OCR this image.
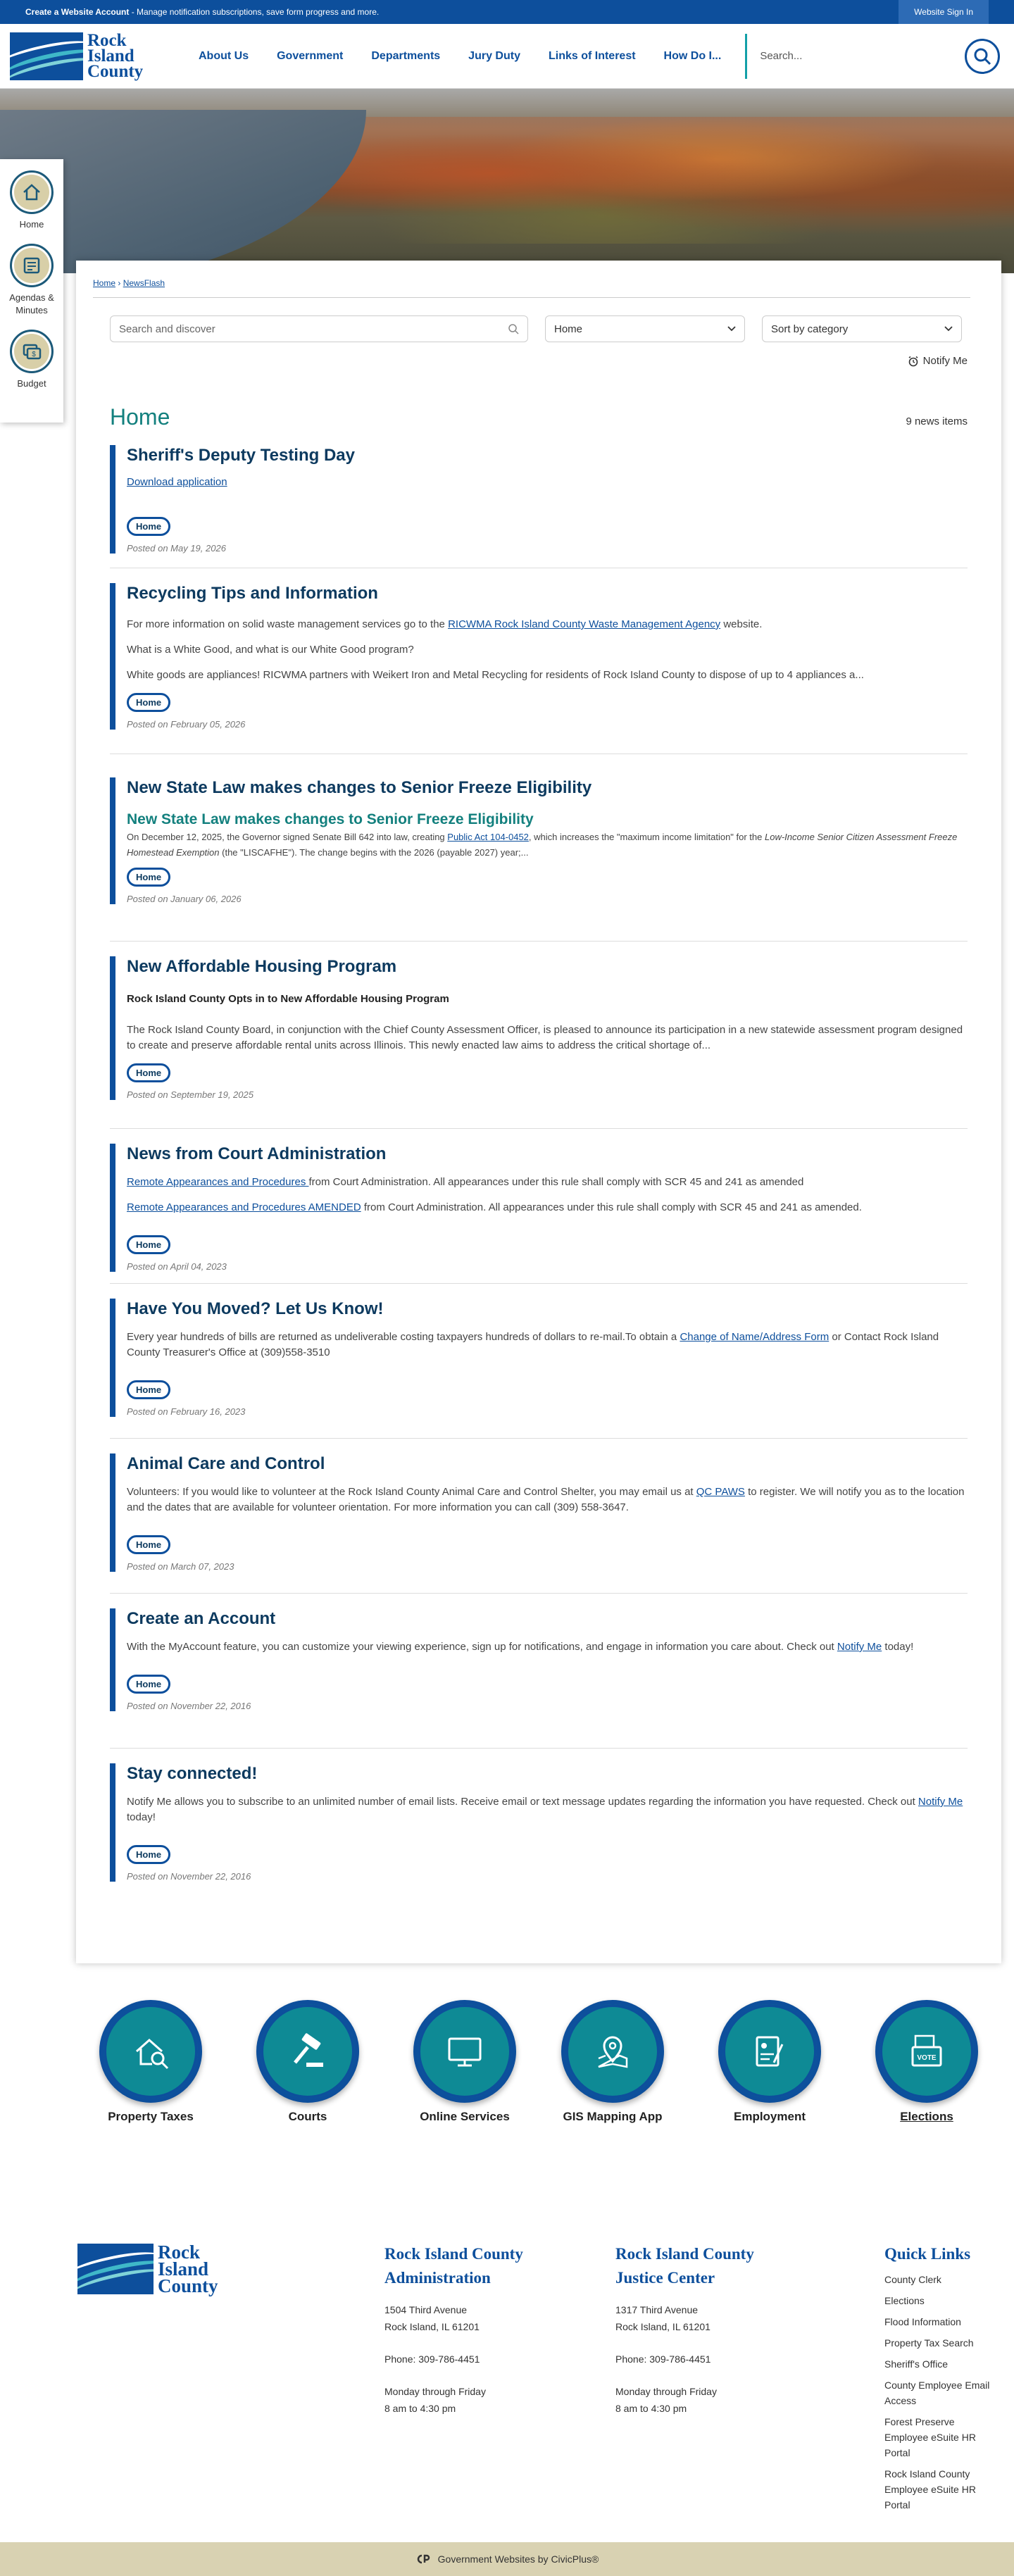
Create a Website Account - Manage notification subscriptions, save form progress and more.	Website Sign In
Rock
Island
County
About Us	Government	Departments	Jury Duty	Links of Interest	How Do I...	Search...
Home
Agendas & Minutes
$
Budget
Home › NewsFlash
Search and discover	Home	Sort by category
Notify Me
Home	9 news items
Sheriff's Deputy Testing Day

Download application

Home
Posted on May 19, 2026
Recycling Tips and Information

For more information on solid waste management services go to the RICWMA Rock Island County Waste Management Agency website.

What is a White Good, and what is our White Good program?

White goods are appliances! RICWMA partners with Weikert Iron and Metal Recycling for residents of Rock Island County to dispose of up to 4 appliances a...

Home
Posted on February 05, 2026
New State Law makes changes to Senior Freeze Eligibility
New State Law makes changes to Senior Freeze Eligibility

On December 12, 2025, the Governor signed Senate Bill 642 into law, creating Public Act 104-0452, which increases the "maximum income limitation" for the Low-Income Senior Citizen Assessment Freeze Homestead Exemption (the "LISCAFHE"). The change begins with the 2026 (payable 2027) year;...

Home
Posted on January 06, 2026
New Affordable Housing Program

Rock Island County Opts in to New Affordable Housing Program

The Rock Island County Board, in conjunction with the Chief County Assessment Officer, is pleased to announce its participation in a new statewide assessment program designed to create and preserve affordable rental units across Illinois. This newly enacted law aims to address the critical shortage of...

Home
Posted on September 19, 2025
News from Court Administration

Remote Appearances and Procedures from Court Administration. All appearances under this rule shall comply with SCR 45 and 241 as amended

Remote Appearances and Procedures AMENDED from Court Administration. All appearances under this rule shall comply with SCR 45 and 241 as amended.

Home
Posted on April 04, 2023
Have You Moved? Let Us Know!

Every year hundreds of bills are returned as undeliverable costing taxpayers hundreds of dollars to re-mail.To obtain a Change of Name/Address Form or Contact Rock Island County Treasurer's Office at (309)558-3510

Home
Posted on February 16, 2023
Animal Care and Control

Volunteers: If you would like to volunteer at the Rock Island County Animal Care and Control Shelter, you may email us at QC PAWS to register. We will notify you as to the location and the dates that are available for volunteer orientation. For more information you can call (309) 558-3647.

Home
Posted on March 07, 2023
Create an Account

With the MyAccount feature, you can customize your viewing experience, sign up for notifications, and engage in information you care about. Check out Notify Me today!

Home
Posted on November 22, 2016
Stay connected!

Notify Me allows you to subscribe to an unlimited number of email lists. Receive email or text message updates regarding the information you have requested. Check out Notify Me today!

Home
Posted on November 22, 2016
Property Taxes	Courts	Online Services	GIS Mapping App	Employment
VOTE
Elections
Rock
Island
County
Rock Island County Administration

1504 Third Avenue

Rock Island, IL 61201

Phone: 309-786-4451

Monday through Friday

8 am to 4:30 pm

Rock Island County Justice Center

1317 Third Avenue

Rock Island, IL 61201

Phone: 309-786-4451

Monday through Friday

8 am to 4:30 pm

Quick Links
County Clerk
Elections
Flood Information
Property Tax Search
Sheriff's Office
County Employee Email Access
Forest Preserve Employee eSuite HR Portal
Rock Island County Employee eSuite HR Portal
Government Websites by CivicPlus®
